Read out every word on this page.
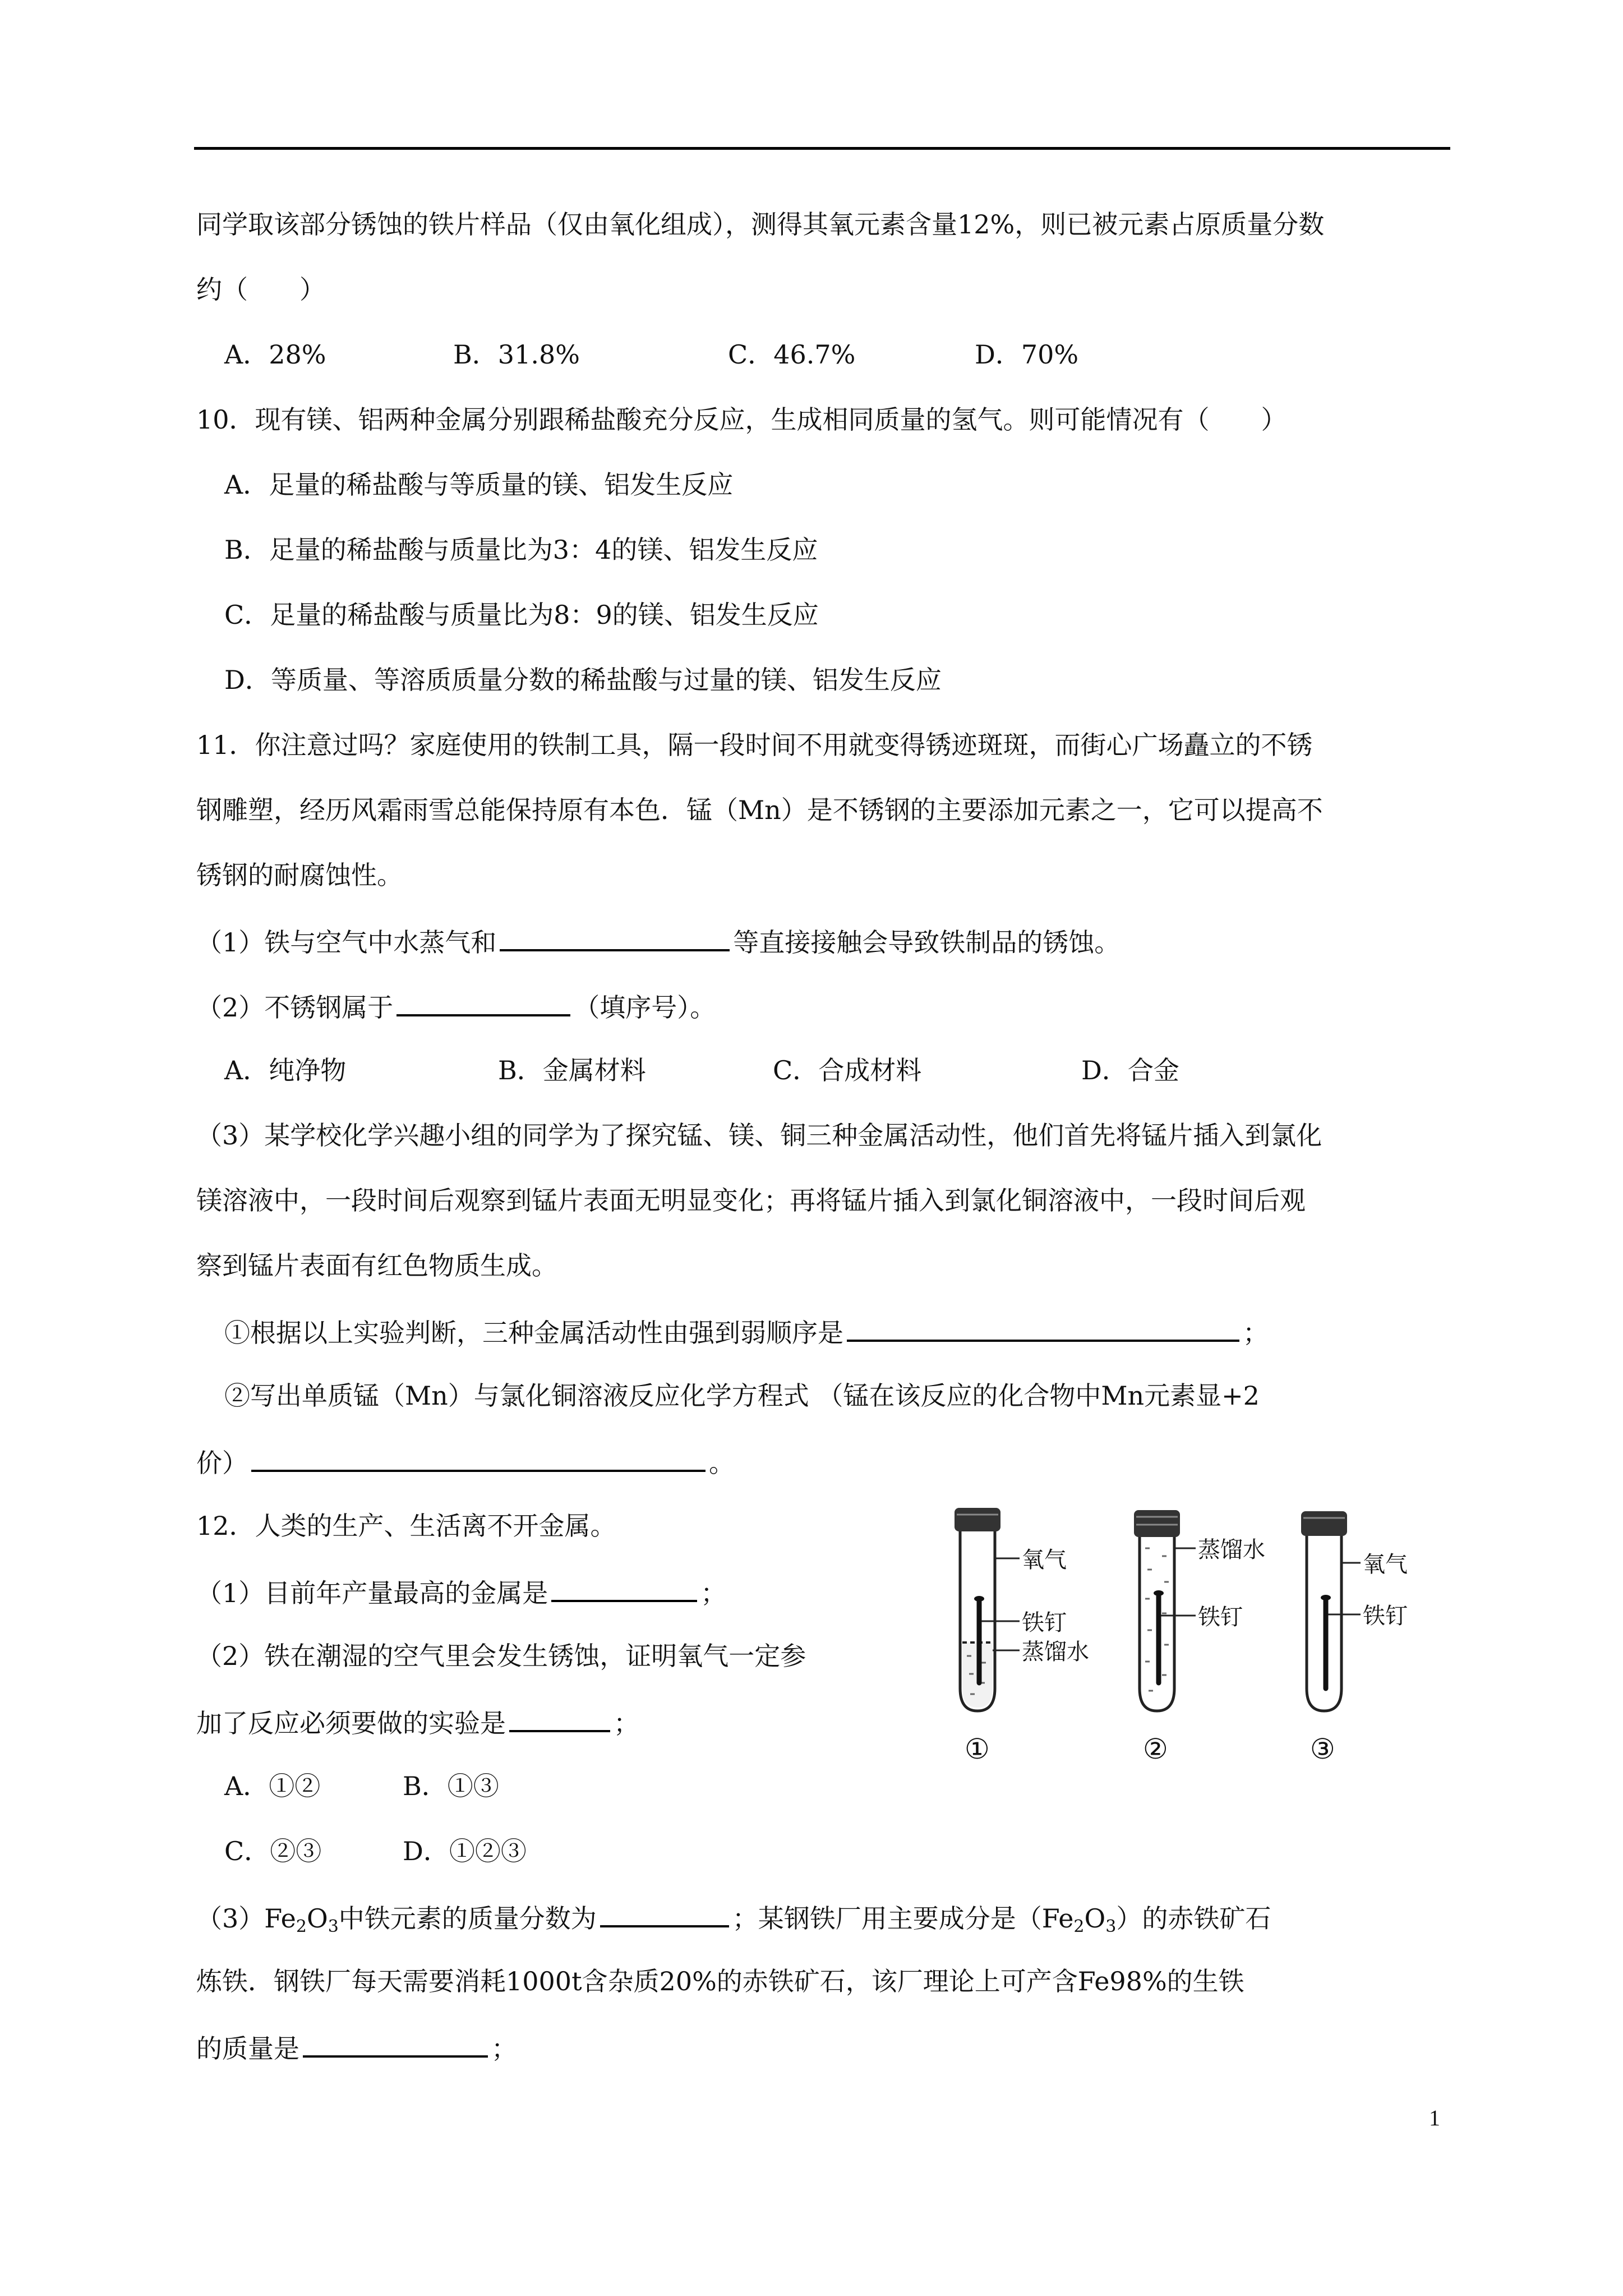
同学取该部分锈蚀的铁片样品（仅由氧化组成），测得其氧元素含量12%，则已被元素占原质量分数
约（　　）
A．28%	B．31.8%	C．46.7%	D．70%
10．现有镁、铝两种金属分别跟稀盐酸充分反应，生成相同质量的氢气。则可能情况有（　　）
A．足量的稀盐酸与等质量的镁、铝发生反应
B．足量的稀盐酸与质量比为3：4的镁、铝发生反应
C．足量的稀盐酸与质量比为8：9的镁、铝发生反应
D．等质量、等溶质质量分数的稀盐酸与过量的镁、铝发生反应
11．你注意过吗？家庭使用的铁制工具，隔一段时间不用就变得锈迹斑斑，而街心广场矗立的不锈
钢雕塑，经历风霜雨雪总能保持原有本色．锰（Mn）是不锈钢的主要添加元素之一，它可以提高不
锈钢的耐腐蚀性。
（1）铁与空气中水蒸气和	等直接接触会导致铁制品的锈蚀。
（2）不锈钢属于	（填序号）。
A．纯净物	B．金属材料	C．合成材料	D．合金
（3）某学校化学兴趣小组的同学为了探究锰、镁、铜三种金属活动性，他们首先将锰片插入到氯化
镁溶液中，一段时间后观察到锰片表面无明显变化；再将锰片插入到氯化铜溶液中，一段时间后观
察到锰片表面有红色物质生成。
①根据以上实验判断，三种金属活动性由强到弱顺序是	；
②写出单质锰（Mn）与氯化铜溶液反应化学方程式 （锰在该反应的化合物中Mn元素显+2
价）	。
12．人类的生产、生活离不开金属。
（1）目前年产量最高的金属是	；
（2）铁在潮湿的空气里会发生锈蚀，证明氧气一定参
加了反应必须要做的实验是	；
A．①②	B．①③
C．②③	D．①②③
$(3)Fe_2O_3$中铁元素的质量分数为	；某钢铁厂用主要成分是$(Fe_2O_3)$的赤铁矿石
炼铁．钢铁厂每天需要消耗1000t含杂质20%的赤铁矿石，该厂理论上可产含Fe98%的生铁
的质量是	；
氧气
铁钉
蒸馏水
①
蒸馏水
铁钉
②
氧气
铁钉
③
1
